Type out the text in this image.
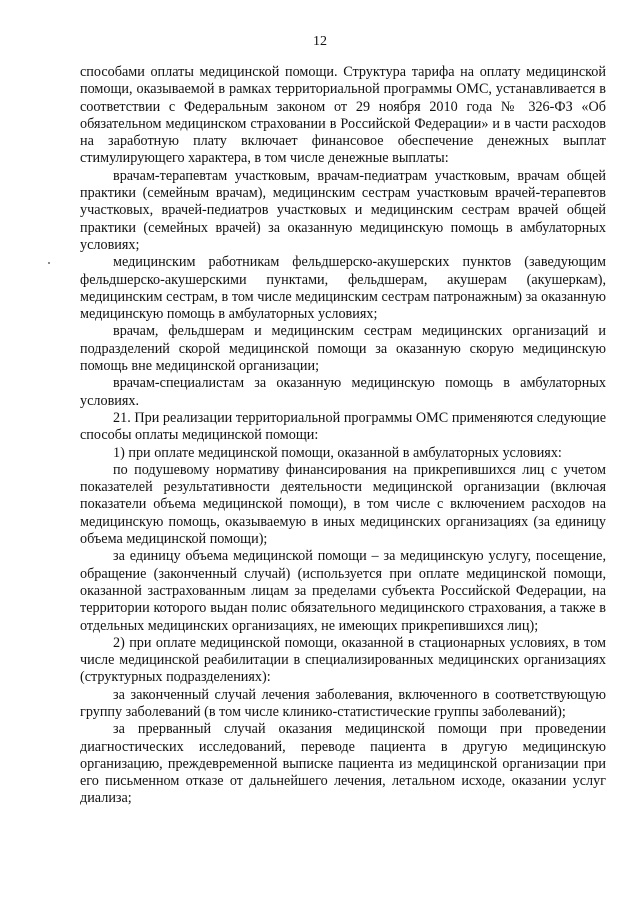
12

способами оплаты медицинской помощи. Структура тарифа на оплату медицинской помощи, оказываемой в рамках территориальной программы ОМС, устанавливается в соответствии с Федеральным законом от 29 ноября 2010 года № 326-ФЗ «Об обязательном медицинском страховании в Российской Федерации» и в части расходов на заработную плату включает финансовое обеспечение денежных выплат стимулирующего характера, в том числе денежные выплаты:

врачам-терапевтам участковым, врачам-педиатрам участковым, врачам общей практики (семейным врачам), медицинским сестрам участковым врачей-терапевтов участковых, врачей-педиатров участковых и медицинским сестрам врачей общей практики (семейных врачей) за оказанную медицинскую помощь в амбулаторных условиях;

медицинским работникам фельдшерско-акушерских пунктов (заведующим фельдшерско-акушерскими пунктами, фельдшерам, акушерам (акушеркам), медицинским сестрам, в том числе медицинским сестрам патронажным) за оказанную медицинскую помощь в амбулаторных условиях;

врачам, фельдшерам и медицинским сестрам медицинских организаций и подразделений скорой медицинской помощи за оказанную скорую медицинскую помощь вне медицинской организации;

врачам-специалистам за оказанную медицинскую помощь в амбулаторных условиях.

21. При реализации территориальной программы ОМС применяются следующие способы оплаты медицинской помощи:

1) при оплате медицинской помощи, оказанной в амбулаторных условиях:

по подушевому нормативу финансирования на прикрепившихся лиц с учетом показателей результативности деятельности медицинской организации (включая показатели объема медицинской помощи), в том числе с включением расходов на медицинскую помощь, оказываемую в иных медицинских организациях (за единицу объема медицинской помощи);

за единицу объема медицинской помощи – за медицинскую услугу, посещение, обращение (законченный случай) (используется при оплате медицинской помощи, оказанной застрахованным лицам за пределами субъекта Российской Федерации, на территории которого выдан полис обязательного медицинского страхования, а также в отдельных медицинских организациях, не имеющих прикрепившихся лиц);

2) при оплате медицинской помощи, оказанной в стационарных условиях, в том числе медицинской реабилитации в специализированных медицинских организациях (структурных подразделениях):

за законченный случай лечения заболевания, включенного в соответствующую группу заболеваний (в том числе клинико-статистические группы заболеваний);

за прерванный случай оказания медицинской помощи при проведении диагностических исследований, переводе пациента в другую медицинскую организацию, преждевременной выписке пациента из медицинской организации при его письменном отказе от дальнейшего лечения, летальном исходе, оказании услуг диализа;
